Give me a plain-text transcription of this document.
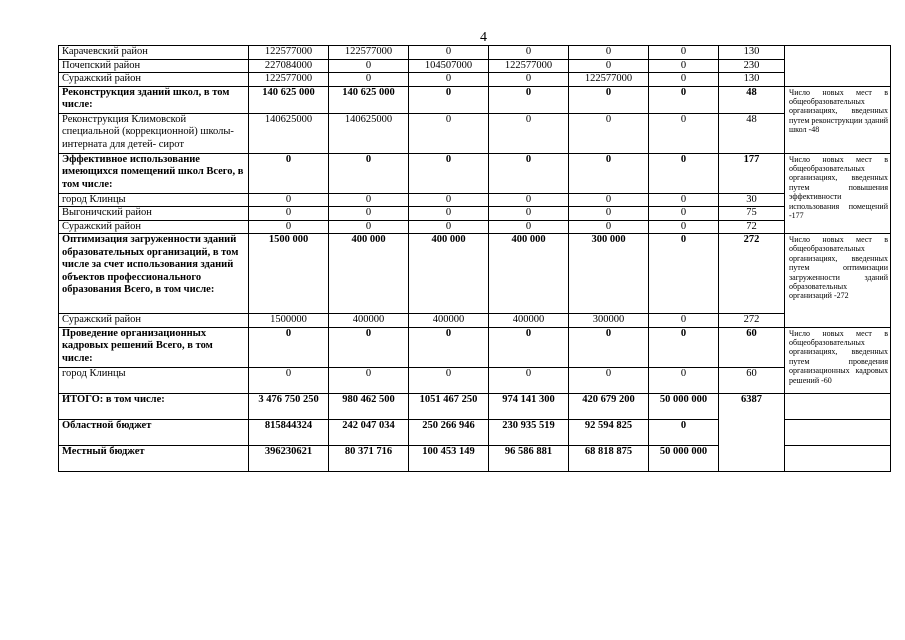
4
Карачевский район	122577000	122577000	0	0	0	0	130	
Почепский район	227084000	0	104507000	122577000	0	0	230	
Суражский район	122577000	0	0	0	122577000	0	130	
Реконструкция зданий школ, в том числе:	140 625 000	140 625 000	0	0	0	0	48	Число новых мест в общеобразовательных организациях, введенных путем реконструкции зданий школ -48
Реконструкция Климовской специальной (коррекционной) школы-интерната для детей- сирот	140625000	140625000	0	0	0	0	48	
Эффективное использование имеющихся помещений школ Всего, в том числе:	0	0	0	0	0	0	177	Число новых мест в общеобразовательных организациях, введенных путем повышения эффективности использования помещений -177
город Клинцы	0	0	0	0	0	0	30	
Выгоничский район	0	0	0	0	0	0	75	
Суражский район	0	0	0	0	0	0	72	
Оптимизация загруженности зданий образовательных организаций, в том числе за счет использования зданий объектов профессионального образования Всего, в том числе:	1500 000	400 000	400 000	400 000	300 000	0	272	Число новых мест в общеобразовательных организациях, введенных путем оптимизации загруженности зданий образовательных организаций -272
Суражский район	1500000	400000	400000	400000	300000	0	272	
Проведение организационных кадровых решений Всего, в том числе:	0	0	0	0	0	0	60	Число новых мест в общеобразовательных организациях, введенных путем проведения организационных кадровых решений -60
город Клинцы	0	0	0	0	0	0	60	
ИТОГО: в том числе:	3 476 750 250	980 462 500	1051 467 250	974 141 300	420 679 200	50 000 000	6387	
Областной бюджет	815844324	242 047 034	250 266 946	230 935 519	92 594 825	0		
Местный бюджет	396230621	80 371 716	100 453 149	96 586 881	68 818 875	50 000 000		
